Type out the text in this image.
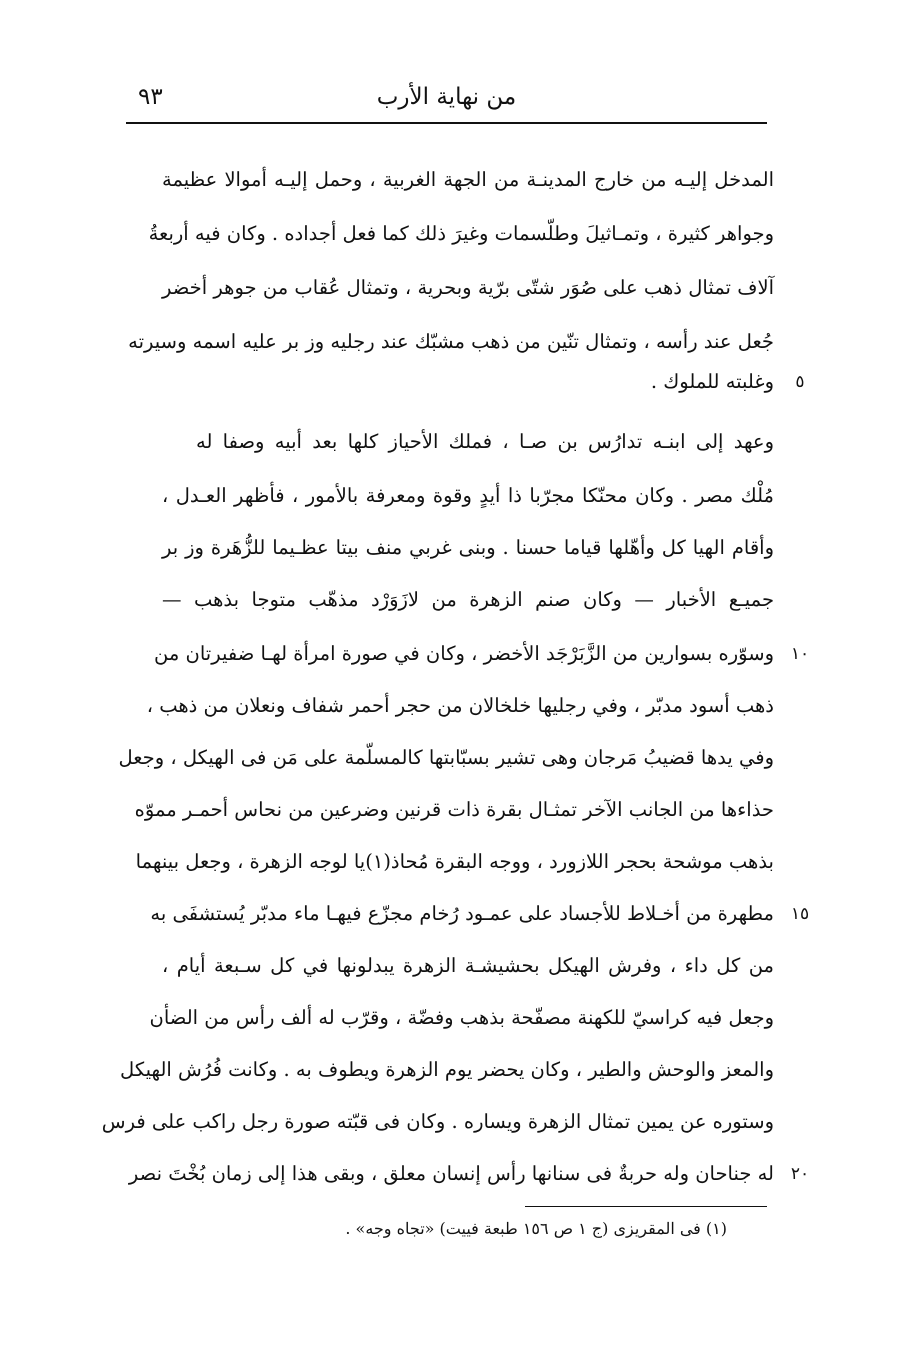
من نهاية الأرب
٩٣
المدخل إليـه من خارج المدينـة من الجهة الغربية ، وحمل إليـه أموالا عظيمة
وجواهر كثيرة ، وتمـاثيلَ وطلّسمات وغيرَ ذلك كما فعل أجداده . وكان فيه أربعةُ
آلاف تمثال ذهب على صُوَر شتّى برّية وبحرية ، وتمثال عُقاب من جوهر أخضر
جُعل عند رأسه ، وتمثال تنّين من ذهب مشبّك عند رجليه وز بر عليه اسمه وسيرته
وغلبته للملوك .
وعهد إلى ابنـه تدارُس بن صـا ، فملك الأحياز كلها بعد أبيه وصفا له
مُلْك مصر . وكان محنّكا مجرّبا ذا أيدٍ وقوة ومعرفة بالأمور ، فأظهر العـدل ،
وأقام الهيا كل وأهّلها قياما حسنا . وبنى غربي منف بيتا عظـيما للزُّهَرة وز بر
جميـع الأخبار — وكان صنم الزهرة من لازَوَرْد مذهّب متوجا بذهب —
وسوّره بسوارين من الزَّبَرْجَد الأخضر ، وكان في صورة امرأة لهـا ضفيرتان من
ذهب أسود مدبّر ، وفي رجليها خلخالان من حجر أحمر شفاف ونعلان من ذهب ،
وفي يدها قضيبُ مَرجان وهى تشير بسبّابتها كالمسلّمة على مَن فى الهيكل ، وجعل
حذاءها من الجانب الآخر تمثـال بقرة ذات قرنين وضرعين من نحاس أحمـر مموّه
بذهب موشحة بحجر اللازورد ، ووجه البقرة مُحاذ(١)يا لوجه الزهرة ، وجعل بينهما
مطهرة من أخـلاط للأجساد على عمـود رُخام مجزّع فيهـا ماء مدبّر يُستشفَى به
من كل داء ، وفرش الهيكل بحشيشـة الزهرة يبدلونها في كل سـبعة أيام ،
وجعل فيه كراسيّ للكهنة مصفّحة بذهب وفضّة ، وقرّب له ألف رأس من الضأن
والمعز والوحش والطير ، وكان يحضر يوم الزهرة ويطوف به . وكانت فُرُش الهيكل
وستوره عن يمين تمثال الزهرة ويساره . وكان فى قبّته صورة رجل راكب على فرس
له جناحان وله حربةٌ فى سنانها رأس إنسان معلق ، وبقى هذا إلى زمان بُخْتَ نصر
٥
١٠
١٥
٢٠
(١) فى المقريزى (ج ١ ص ١٥٦ طبعة فييت) «تجاه وجه» .
